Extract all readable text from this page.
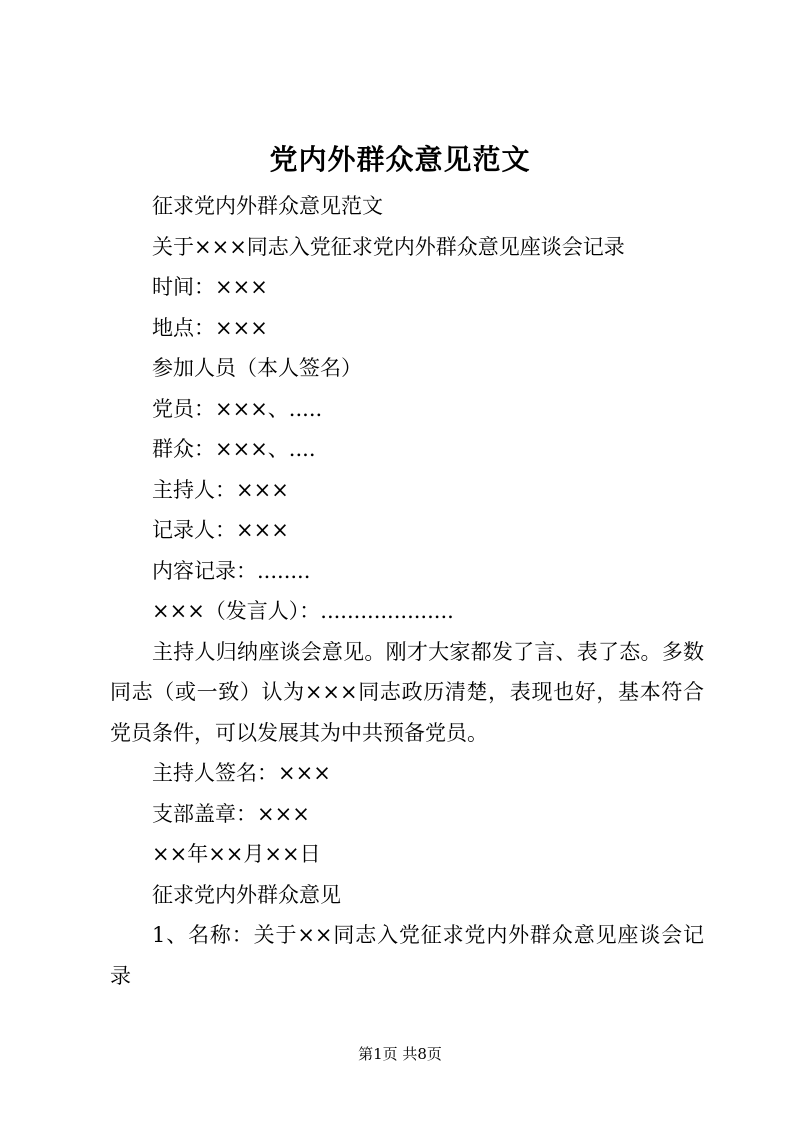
党内外群众意见范文

征求党内外群众意见范文

关于×××同志入党征求党内外群众意见座谈会记录

时间：×××

地点：×××

参加人员（本人签名）

党员：×××、.....

群众：×××、....

主持人：×××

记录人：×××

内容记录：........

×××（发言人）：....................

主持人归纳座谈会意见。刚才大家都发了言、表了态。多数同志（或一致）认为×××同志政历清楚，表现也好，基本符合党员条件，可以发展其为中共预备党员。

主持人签名：×××

支部盖章：×××

××年××月××日

征求党内外群众意见

1、名称：关于××同志入党征求党内外群众意见座谈会记录

第1页 共8页
